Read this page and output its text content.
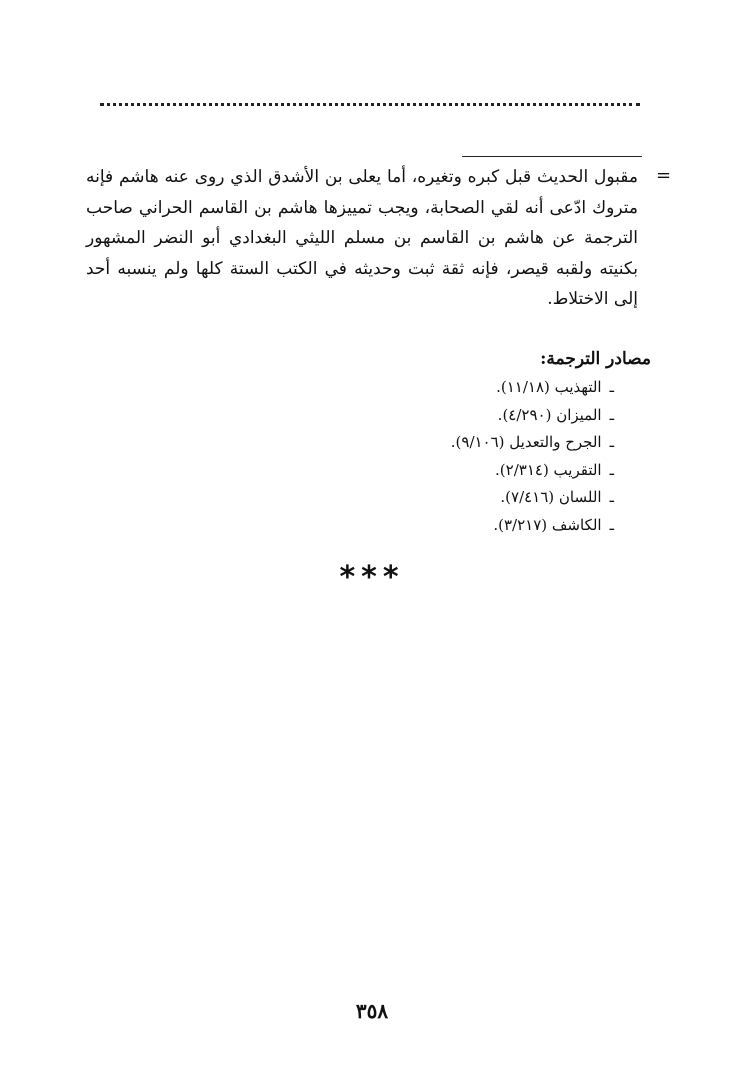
=

مقبول الحديث قبل كبره وتغيره، أما يعلى بن الأشدق الذي روى عنه هاشم فإنه متروك ادّعى أنه لقي الصحابة، ويجب تمييزها هاشم بن القاسم الحراني صاحب الترجمة عن هاشم بن القاسم بن مسلم الليثي البغدادي أبو النضر المشهور بكنيته ولقبه قيصر، فإنه ثقة ثبت وحديثه في الكتب الستة كلها ولم ينسبه أحد إلى الاختلاط.

مصادر الترجمة:
ـالتهذيب (١١/١٨).
ـالميزان (٤/٢٩٠).
ـالجرح والتعديل (٩/١٠٦).
ـالتقريب (٢/٣١٤).
ـاللسان (٧/٤١٦).
ـالكاشف (٣/٢١٧).
***
٣٥٨
